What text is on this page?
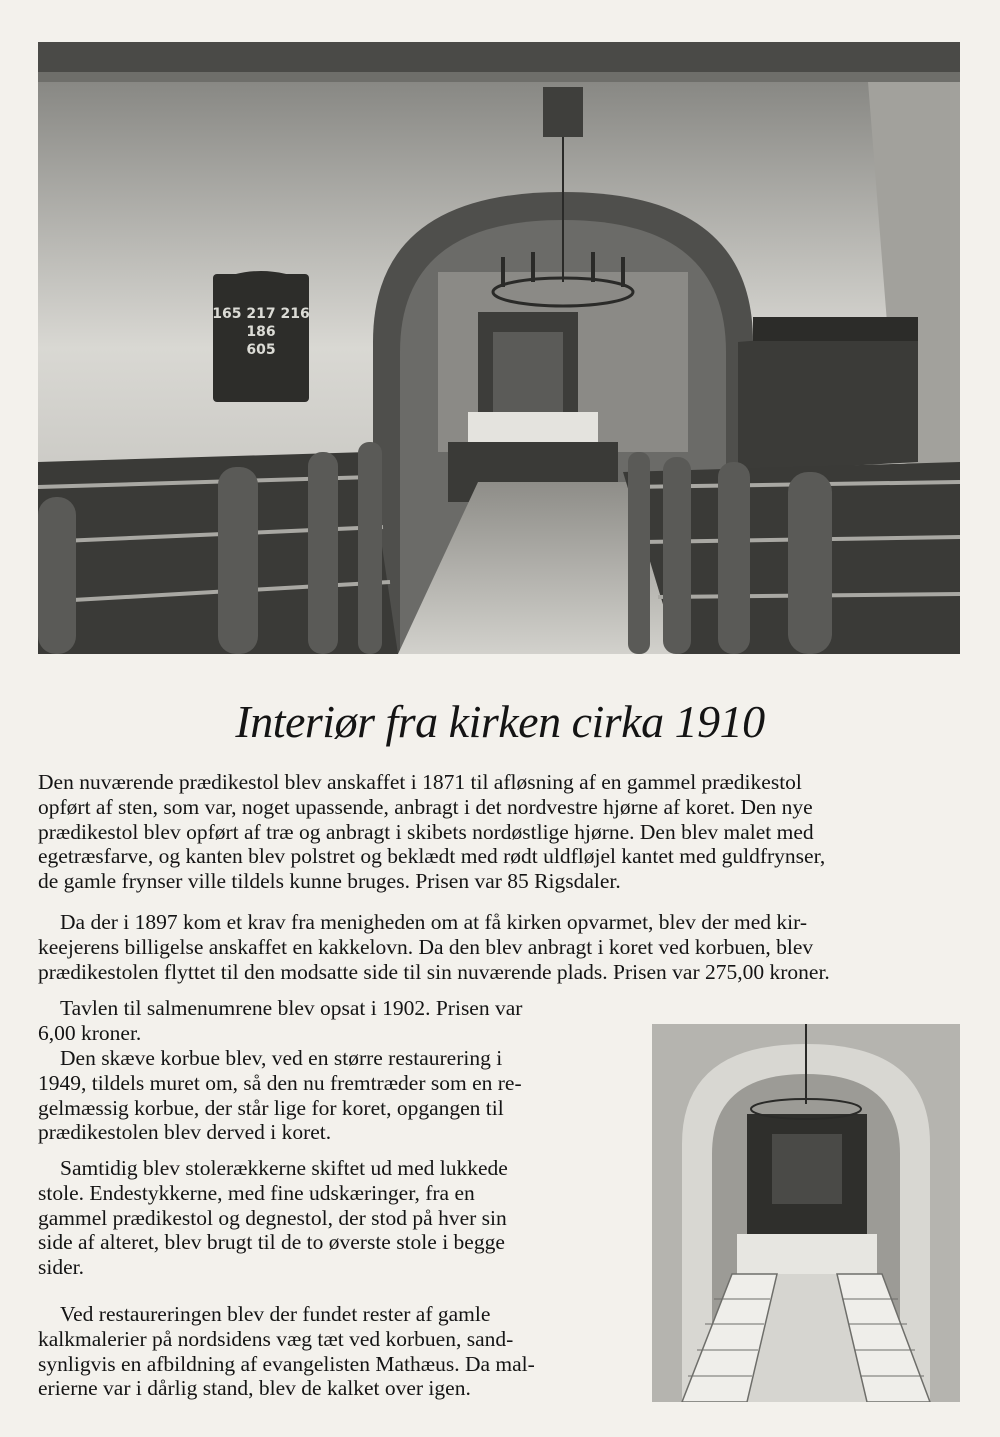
165 217 216
186
605
Interiør fra kirken cirka 1910
Den nuværende prædikestol blev anskaffet i 1871 til afløsning af en gammel prædikestol
opført af sten, som var, noget upassende, anbragt i det nordvestre hjørne af koret. Den nye
prædikestol blev opført af træ og anbragt i skibets nordøstlige hjørne. Den blev malet med
egetræsfarve, og kanten blev polstret og beklædt med rødt uldfløjel kantet med guldfrynser,
de gamle frynser ville tildels kunne bruges. Prisen var 85 Rigsdaler.
Da der i 1897 kom et krav fra menigheden om at få kirken opvarmet, blev der med kir-
keejerens billigelse anskaffet en kakkelovn. Da den blev anbragt i koret ved korbuen, blev
prædikestolen flyttet til den modsatte side til sin nuværende plads. Prisen var 275,00 kroner.
Tavlen til salmenumrene blev opsat i 1902. Prisen var
6,00 kroner.
Den skæve korbue blev, ved en større restaurering i
1949, tildels muret om, så den nu fremtræder som en re-
gelmæssig korbue, der står lige for koret, opgangen til
prædikestolen blev derved i koret.
Samtidig blev stolerækkerne skiftet ud med lukkede
stole. Endestykkerne, med fine udskæringer, fra en
gammel prædikestol og degnestol, der stod på hver sin
side af alteret, blev brugt til de to øverste stole i begge
sider.
Ved restaureringen blev der fundet rester af gamle
kalkmalerier på nordsidens væg tæt ved korbuen, sand-
synligvis en afbildning af evangelisten Mathæus. Da mal-
erierne var i dårlig stand, blev de kalket over igen.
